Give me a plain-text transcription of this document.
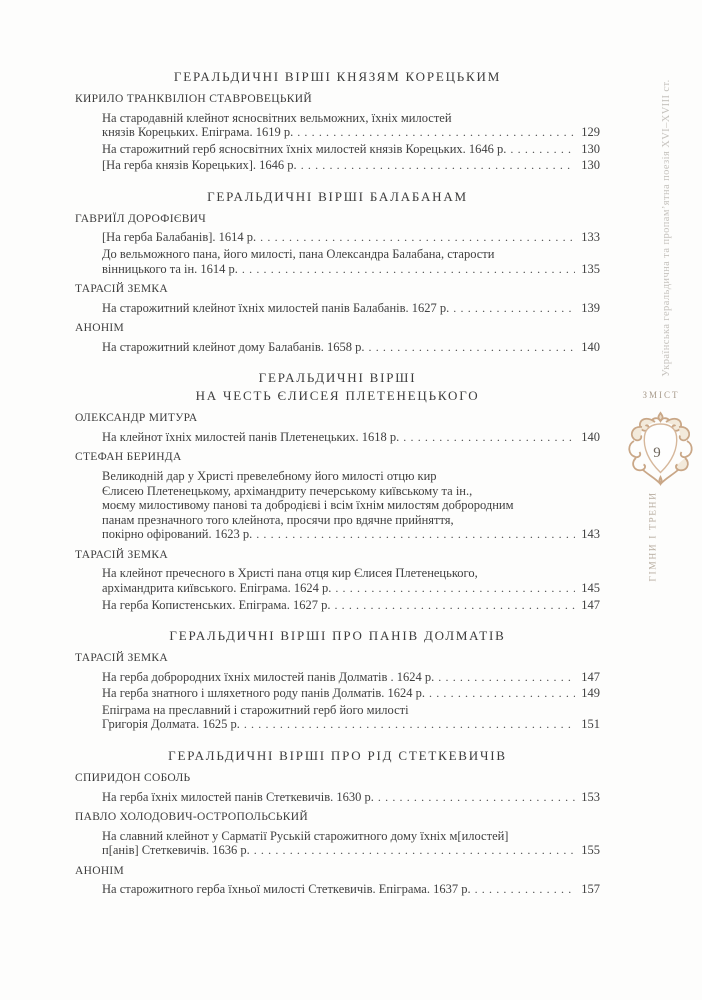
ГЕРАЛЬДИЧНІ ВІРШІ КНЯЗЯМ КОРЕЦЬКИМ
КИРИЛО ТРАНКВІЛІОН СТАВРОВЕЦЬКИЙ
На стародавній клейнот ясносвітних вельможних, їхніх милостей
князів Корецьких. Епіграма. 1619 р. . . .	129
На старожитний герб ясносвітних їхніх милостей князів Корецьких. 1646 р. . . .	130
[На герба князів Корецьких]. 1646 р. . . .	130
ГЕРАЛЬДИЧНІ ВІРШІ БАЛАБАНАМ
ГАВРИЇЛ ДОРОФІЄВИЧ
[На герба Балабанів]. 1614 р. . . .	133
До вельможного пана, його милості, пана Олександра Балабана, старости
вінницького та ін. 1614 р. . . .	135
ТАРАСІЙ ЗЕМКА
На старожитний клейнот їхніх милостей панів Балабанів. 1627 р. . . .	139
АНОНІМ
На старожитний клейнот дому Балабанів. 1658 р. . . .	140
ГЕРАЛЬДИЧНІ ВІРШІ
НА ЧЕСТЬ ЄЛИСЕЯ ПЛЕТЕНЕЦЬКОГО
ОЛЕКСАНДР МИТУРА
На клейнот їхніх милостей панів Плетенецьких. 1618 р. . . .	140
СТЕФАН БЕРИНДА
Великодній дар у Христі превелебному його милості отцю кир
Єлисею Плетенецькому, архімандриту печерському київському та ін.,
моєму милостивому панові та добродієві і всім їхнім милостям доброродним
панам презначного того клейнота, просячи про вдячне прийняття,
покірно офірований. 1623 р. . . .	143
ТАРАСІЙ ЗЕМКА
На клейнот пречесного в Христі пана отця кир Єлисея Плетенецького,
архімандрита київського. Епіграма. 1624 р. . . .	145
На герба Копистенських. Епіграма. 1627 р. . . .	147
ГЕРАЛЬДИЧНІ ВІРШІ ПРО ПАНІВ ДОЛМАТІВ
ТАРАСІЙ ЗЕМКА
На герба доброродних їхніх милостей панів Долматів . 1624 р. . . .	147
На герба знатного і шляхетного роду панів Долматів. 1624 р. . . .	149
Епіграма на преславний і старожитний герб його милості
Григорія Долмата. 1625 р. . . .	151
ГЕРАЛЬДИЧНІ ВІРШІ ПРО РІД СТЕТКЕВИЧІВ
СПИРИДОН СОБОЛЬ
На герба їхніх милостей панів Стеткевичів. 1630 р. . . .	153
ПАВЛО ХОЛОДОВИЧ-ОСТРОПОЛЬСЬКИЙ
На славний клейнот у Сарматії Руській старожитного дому їхніх м[илостей]
п[анів] Стеткевичів. 1636 р. . . .	155
АНОНІМ
На старожитного герба їхньої милості Стеткевичів. Епіграма. 1637 р. . . .	157
Українська геральдична та пропам’ятна поезія XVI–XVIII ст.
ЗМІСТ
9
ГІМНИ І ТРЕНИ
